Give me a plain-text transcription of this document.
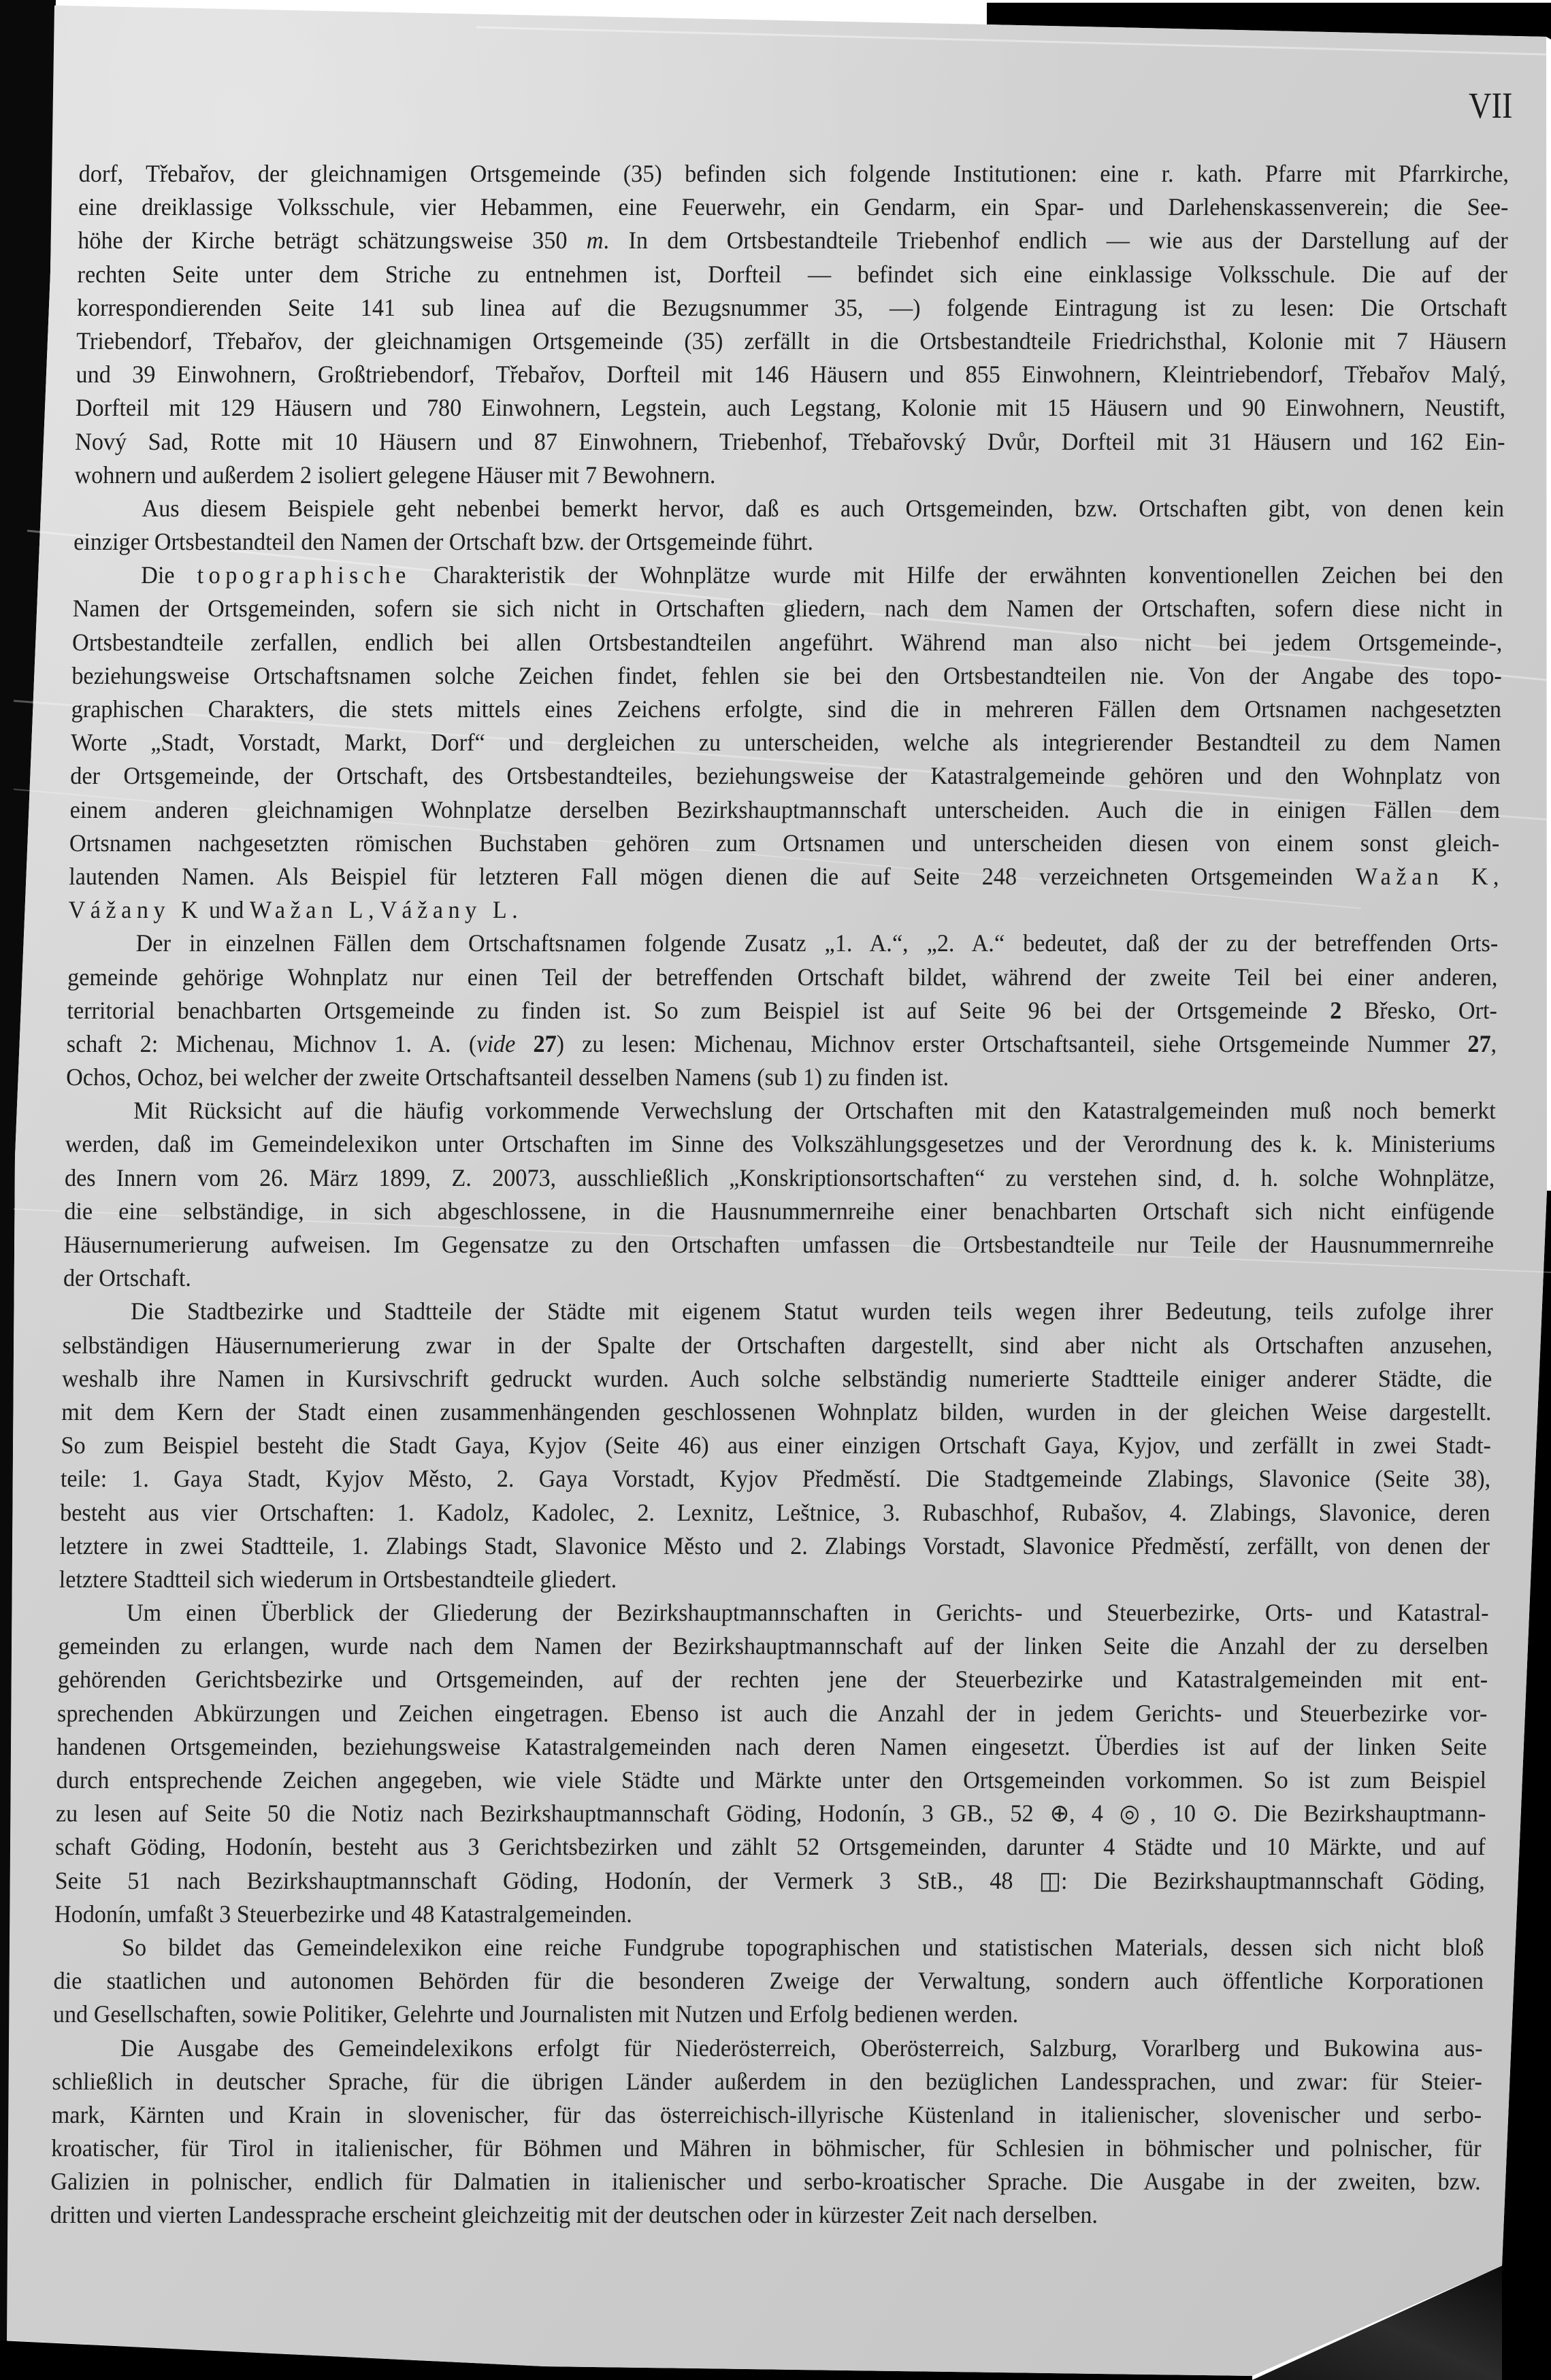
VII
dorf, Třebařov, der gleichnamigen Ortsgemeinde (35) befinden sich folgende Institutionen: eine r. kath. Pfarre mit Pfarrkirche,
eine dreiklassige Volksschule, vier Hebammen, eine Feuerwehr, ein Gendarm, ein Spar- und Darlehenskassenverein; die See-
höhe der Kirche beträgt schätzungsweise 350 m. In dem Ortsbestandteile Triebenhof endlich — wie aus der Darstellung auf der
rechten Seite unter dem Striche zu entnehmen ist, Dorfteil — befindet sich eine einklassige Volksschule. Die auf der
korrespondierenden Seite 141 sub linea auf die Bezugsnummer 35, —) folgende Eintragung ist zu lesen: Die Ortschaft
Triebendorf, Třebařov, der gleichnamigen Ortsgemeinde (35) zerfällt in die Ortsbestandteile Friedrichsthal, Kolonie mit 7 Häusern
und 39 Einwohnern, Großtriebendorf, Třebařov, Dorfteil mit 146 Häusern und 855 Einwohnern, Kleintriebendorf, Třebařov Malý,
Dorfteil mit 129 Häusern und 780 Einwohnern, Legstein, auch Legstang, Kolonie mit 15 Häusern und 90 Einwohnern, Neustift,
Nový Sad, Rotte mit 10 Häusern und 87 Einwohnern, Triebenhof, Třebařovský Dvůr, Dorfteil mit 31 Häusern und 162 Ein-
wohnern und außerdem 2 isoliert gelegene Häuser mit 7 Bewohnern.
Aus diesem Beispiele geht nebenbei bemerkt hervor, daß es auch Ortsgemeinden, bzw. Ortschaften gibt, von denen kein
einziger Ortsbestandteil den Namen der Ortschaft bzw. der Ortsgemeinde führt.
Die topographische Charakteristik der Wohnplätze wurde mit Hilfe der erwähnten konventionellen Zeichen bei den
Namen der Ortsgemeinden, sofern sie sich nicht in Ortschaften gliedern, nach dem Namen der Ortschaften, sofern diese nicht in
Ortsbestandteile zerfallen, endlich bei allen Ortsbestandteilen angeführt. Während man also nicht bei jedem Ortsgemeinde-,
beziehungsweise Ortschaftsnamen solche Zeichen findet, fehlen sie bei den Ortsbestandteilen nie. Von der Angabe des topo-
graphischen Charakters, die stets mittels eines Zeichens erfolgte, sind die in mehreren Fällen dem Ortsnamen nachgesetzten
Worte „Stadt, Vorstadt, Markt, Dorf“ und dergleichen zu unterscheiden, welche als integrierender Bestandteil zu dem Namen
der Ortsgemeinde, der Ortschaft, des Ortsbestandteiles, beziehungsweise der Katastralgemeinde gehören und den Wohnplatz von
einem anderen gleichnamigen Wohnplatze derselben Bezirkshauptmannschaft unterscheiden. Auch die in einigen Fällen dem
Ortsnamen nachgesetzten römischen Buchstaben gehören zum Ortsnamen und unterscheiden diesen von einem sonst gleich-
lautenden Namen. Als Beispiel für letzteren Fall mögen dienen die auf Seite 248 verzeichneten Ortsgemeinden Wažan K,
Vážany K und Wažan L, Vážany L.
Der in einzelnen Fällen dem Ortschaftsnamen folgende Zusatz „1. A.“, „2. A.“ bedeutet, daß der zu der betreffenden Orts-
gemeinde gehörige Wohnplatz nur einen Teil der betreffenden Ortschaft bildet, während der zweite Teil bei einer anderen,
territorial benachbarten Ortsgemeinde zu finden ist. So zum Beispiel ist auf Seite 96 bei der Ortsgemeinde 2 Břesko, Ort-
schaft 2: Michenau, Michnov 1. A. (vide 27) zu lesen: Michenau, Michnov erster Ortschaftsanteil, siehe Ortsgemeinde Nummer 27,
Ochos, Ochoz, bei welcher der zweite Ortschaftsanteil desselben Namens (sub 1) zu finden ist.
Mit Rücksicht auf die häufig vorkommende Verwechslung der Ortschaften mit den Katastralgemeinden muß noch bemerkt
werden, daß im Gemeindelexikon unter Ortschaften im Sinne des Volkszählungsgesetzes und der Verordnung des k. k. Ministeriums
des Innern vom 26. März 1899, Z. 20073, ausschließlich „Konskriptionsortschaften“ zu verstehen sind, d. h. solche Wohnplätze,
die eine selbständige, in sich abgeschlossene, in die Hausnummernreihe einer benachbarten Ortschaft sich nicht einfügende
Häusernumerierung aufweisen. Im Gegensatze zu den Ortschaften umfassen die Ortsbestandteile nur Teile der Hausnummernreihe
der Ortschaft.
Die Stadtbezirke und Stadtteile der Städte mit eigenem Statut wurden teils wegen ihrer Bedeutung, teils zufolge ihrer
selbständigen Häusernumerierung zwar in der Spalte der Ortschaften dargestellt, sind aber nicht als Ortschaften anzusehen,
weshalb ihre Namen in Kursivschrift gedruckt wurden. Auch solche selbständig numerierte Stadtteile einiger anderer Städte, die
mit dem Kern der Stadt einen zusammenhängenden geschlossenen Wohnplatz bilden, wurden in der gleichen Weise dargestellt.
So zum Beispiel besteht die Stadt Gaya, Kyjov (Seite 46) aus einer einzigen Ortschaft Gaya, Kyjov, und zerfällt in zwei Stadt-
teile: 1. Gaya Stadt, Kyjov Město, 2. Gaya Vorstadt, Kyjov Předměstí. Die Stadtgemeinde Zlabings, Slavonice (Seite 38),
besteht aus vier Ortschaften: 1. Kadolz, Kadolec, 2. Lexnitz, Leštnice, 3. Rubaschhof, Rubašov, 4. Zlabings, Slavonice, deren
letztere in zwei Stadtteile, 1. Zlabings Stadt, Slavonice Město und 2. Zlabings Vorstadt, Slavonice Předměstí, zerfällt, von denen der
letztere Stadtteil sich wiederum in Ortsbestandteile gliedert.
Um einen Überblick der Gliederung der Bezirkshauptmannschaften in Gerichts- und Steuerbezirke, Orts- und Katastral-
gemeinden zu erlangen, wurde nach dem Namen der Bezirkshauptmannschaft auf der linken Seite die Anzahl der zu derselben
gehörenden Gerichtsbezirke und Ortsgemeinden, auf der rechten jene der Steuerbezirke und Katastralgemeinden mit ent-
sprechenden Abkürzungen und Zeichen eingetragen. Ebenso ist auch die Anzahl der in jedem Gerichts- und Steuerbezirke vor-
handenen Ortsgemeinden, beziehungsweise Katastralgemeinden nach deren Namen eingesetzt. Überdies ist auf der linken Seite
durch entsprechende Zeichen angegeben, wie viele Städte und Märkte unter den Ortsgemeinden vorkommen. So ist zum Beispiel
zu lesen auf Seite 50 die Notiz nach Bezirkshauptmannschaft Göding, Hodonín, 3 GB., 52 ⊕, 4 ◎, 10 ⊙. Die Bezirkshauptmann-
schaft Göding, Hodonín, besteht aus 3 Gerichtsbezirken und zählt 52 Ortsgemeinden, darunter 4 Städte und 10 Märkte, und auf
Seite 51 nach Bezirkshauptmannschaft Göding, Hodonín, der Vermerk 3 StB., 48 ◫: Die Bezirkshauptmannschaft Göding,
Hodonín, umfaßt 3 Steuerbezirke und 48 Katastralgemeinden.
So bildet das Gemeindelexikon eine reiche Fundgrube topographischen und statistischen Materials, dessen sich nicht bloß
die staatlichen und autonomen Behörden für die besonderen Zweige der Verwaltung, sondern auch öffentliche Korporationen
und Gesellschaften, sowie Politiker, Gelehrte und Journalisten mit Nutzen und Erfolg bedienen werden.
Die Ausgabe des Gemeindelexikons erfolgt für Niederösterreich, Oberösterreich, Salzburg, Vorarlberg und Bukowina aus-
schließlich in deutscher Sprache, für die übrigen Länder außerdem in den bezüglichen Landessprachen, und zwar: für Steier-
mark, Kärnten und Krain in slovenischer, für das österreichisch-illyrische Küstenland in italienischer, slovenischer und serbo-
kroatischer, für Tirol in italienischer, für Böhmen und Mähren in böhmischer, für Schlesien in böhmischer und polnischer, für
Galizien in polnischer, endlich für Dalmatien in italienischer und serbo-kroatischer Sprache. Die Ausgabe in der zweiten, bzw.
dritten und vierten Landessprache erscheint gleichzeitig mit der deutschen oder in kürzester Zeit nach derselben.
